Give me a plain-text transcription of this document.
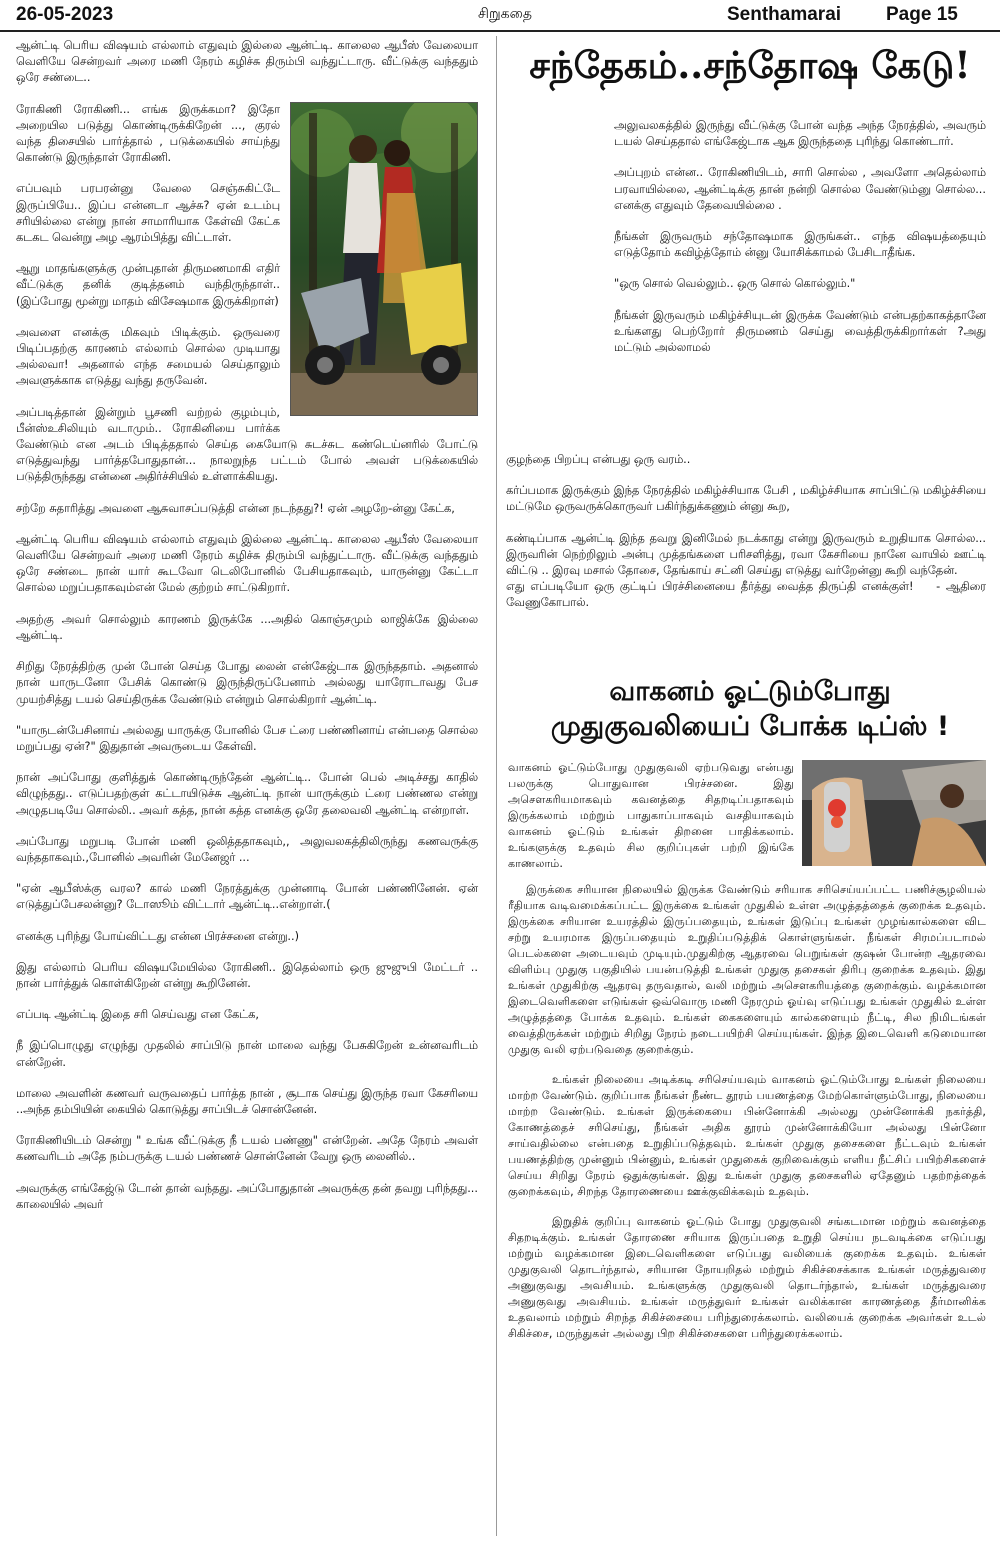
26-05-2023	சிறுகதை	Senthamarai Page 15

ஆன்ட்டி பெரிய விஷயம் எல்லாம் எதுவும் இல்லை ஆன்ட்டி. காலைல ஆபீஸ் வேலையா வெளியே சென்றவர் அரை மணி நேரம் கழிச்சு திரும்பி வந்துட்டாரு. வீட்டுக்கு வந்ததும் ஒரே சண்டை..

ரோகிணி ரோகிணி... எங்க இருக்கமா? இதோ அறையில படுத்து கொண்டிருக்கிறேன் ..., குரல் வந்த திசையில் பார்த்தால் , படுக்கையில் சாய்ந்து கொண்டு இருந்தாள் ரோகிணி.

எப்பவும் பரபரன்னு வேலை செஞ்சுகிட்டே இருப்பியே.. இப்ப என்னடா ஆச்சு? ஏன் உடம்பு சரியில்லை என்று நான் சாமாரியாக கேள்வி கேட்க கடகட வென்று அழ ஆரம்பித்து விட்டாள்.

ஆறு மாதங்களுக்கு முன்புதான் திருமணமாகி எதிர் வீட்டுக்கு தனிக் குடித்தனம் வந்திருந்தாள்.. (இப்போது மூன்று மாதம் விசேஷமாக இருக்கிறாள்)

அவளை எனக்கு மிகவும் பிடிக்கும். ஒருவரை பிடிப்பதற்கு காரணம் எல்லாம் சொல்ல முடியாது அல்லவா! அதனால் எந்த சமையல் செய்தாலும் அவளுக்காக எடுத்து வந்து தருவேன்.

அப்படித்தான் இன்றும் பூசணி வற்றல் குழம்பும், பீன்ஸ்உசிலியும் வடாமும்.. ரோகினியை பார்க்க வேண்டும் என அடம் பிடித்ததால் செய்த கையோடு சுடச்சுட கண்டெய்னரில் போட்டு எடுத்துவந்து பார்த்தபோதுதான்... நாலறுந்த பட்டம் போல் அவள் படுக்கையில் படுத்திருந்தது என்னை அதிர்ச்சியில் உள்ளாக்கியது.

சற்றே சுதாரித்து அவளை ஆசுவாசப்படுத்தி என்ன நடந்தது?! ஏன் அழறே-ன்னு கேட்க,

ஆன்ட்டி பெரிய விஷயம் எல்லாம் எதுவும் இல்லை ஆன்ட்டி. காலைல ஆபீஸ் வேலையா வெளியே சென்றவர் அரை மணி நேரம் கழிச்சு திரும்பி வந்துட்டாரு. வீட்டுக்கு வந்ததும் ஒரே சண்டை நான் யார் கூடவோ டெலிபோனில் பேசியதாகவும், யாருன்னு கேட்டா சொல்ல மறுப்பதாகவும்என் மேல் குற்றம் சாட்டுகிறார்.

அதற்கு அவர் சொல்லும் காரணம் இருக்கே ...அதில் கொஞ்சமும் லாஜிக்கே இல்லை ஆன்ட்டி.

சிறிது நேரத்திற்கு முன் போன் செய்த போது லைன் என்கேஜ்டாக இருந்ததாம். அதனால் நான் யாருடனோ பேசிக் கொண்டு இருந்திருப்பேனாம் அல்லது யாரோடாவது பேச முயற்சித்து டயல் செய்திருக்க வேண்டும் என்றும் சொல்கிறார் ஆன்ட்டி.

"யாருடன்பேசினாய் அல்லது யாருக்கு போனில் பேச ட்ரை பண்ணினாய் என்பதை சொல்ல மறுப்பது ஏன்?" இதுதான் அவருடைய கேள்வி.

நான் அப்போது குளித்துக் கொண்டிருந்தேன் ஆன்ட்டி.. போன் பெல் அடிச்சது காதில் விழுந்தது.. எடுப்பதற்குள் கட்டாயிடுச்சு ஆன்ட்டி நான் யாருக்கும் ட்ரை பண்ணல என்று அழுதபடியே சொல்லி.. அவர் கத்த, நான் கத்த எனக்கு ஒரே தலைவலி ஆன்ட்டி என்றாள்.

அப்போது மறுபடி போன் மணி ஒலித்ததாகவும்,, அலுவலகத்திலிருந்து கணவருக்கு வந்ததாகவும்.,போனில் அவரின் மேனேஜர் ...

"ஏன் ஆபீஸ்க்கு வரல? கால் மணி நேரத்துக்கு முன்னாடி போன் பண்ணினேன். ஏன் எடுத்துப்பேசலன்னு? டோஸூம் விட்டார் ஆன்ட்டி..என்றாள்.(

எனக்கு புரிந்து போய்விட்டது என்ன பிரச்சனை என்று..)

இது எல்லாம் பெரிய விஷயமேயில்ல ரோகிணி.. இதெல்லாம் ஒரு ஜுஜுபி மேட்டர் .. நான் பார்த்துக் கொள்கிறேன் என்று கூறினேன்.

எப்படி ஆன்ட்டி இதை சரி செய்வது என கேட்க,

நீ இப்பொழுது எழுந்து முதலில் சாப்பிடு நான் மாலை வந்து பேசுகிறேன் உன்னவரிடம் என்றேன்.

மாலை அவளின் கணவர் வருவதைப் பார்த்த நான் , சூடாக செய்து இருந்த ரவா கேசரியை ..அந்த தம்பியின் கையில் கொடுத்து சாப்பிடச் சொன்னேன்.

ரோகிணியிடம் சென்று " உங்க வீட்டுக்கு நீ டயல் பண்ணு" என்றேன். அதே நேரம் அவள் கணவரிடம் அதே நம்பருக்கு டயல் பண்ணச் சொன்னேன் வேறு ஒரு லைனில்..

அவருக்கு எங்கேஜ்டு டோன் தான் வந்தது. அப்போதுதான் அவருக்கு தன் தவறு புரிந்தது... காலையில் அவர்

சந்தேகம்..சந்தோஷ கேடு!

அலுவலகத்தில் இருந்து வீட்டுக்கு போன் வந்த அந்த நேரத்தில், அவரும் டயல் செய்ததால் எங்கேஜ்டாக ஆக இருந்ததை புரிந்து கொண்டார்.

அப்புறம் என்ன.. ரோகிணியிடம், சாரி சொல்ல , அவளோ அதெல்லாம் பரவாயில்லை, ஆன்ட்டிக்கு தான் நன்றி சொல்ல வேண்டும்னு சொல்ல... எனக்கு எதுவும் தேவையில்லை .

நீங்கள் இருவரும் சந்தோஷமாக இருங்கள்.. எந்த விஷயத்தையும் எடுத்தோம் கவிழ்த்தோம் ன்னு யோசிக்காமல் பேசிடாதீங்க.

"ஒரு சொல் வெல்லும்.. ஒரு சொல் கொல்லும்."

நீங்கள் இருவரும் மகிழ்ச்சியுடன் இருக்க வேண்டும் என்பதற்காகத்தானே உங்களது பெற்றோர் திருமணம் செய்து வைத்திருக்கிறார்கள் ?அது மட்டும் அல்லாமல்

குழந்தை பிறப்பு என்பது ஒரு வரம்..

கர்ப்பமாக இருக்கும் இந்த நேரத்தில் மகிழ்ச்சியாக பேசி , மகிழ்ச்சியாக சாப்பிட்டு மகிழ்ச்சியை மட்டுமே ஒருவருக்கொருவர் பகிர்ந்துக்கணும் ன்னு கூற,

கண்டிப்பாக ஆன்ட்டி இந்த தவறு இனிமேல் நடக்காது என்று இருவரும் உறுதியாக சொல்ல... இருவரின் நெற்றிலும் அன்பு முத்தங்களை பரிசளித்து, ரவா கேசரியை நானே வாயில் ஊட்டி விட்டு .. இரவு மசால் தோசை, தேங்காய் சட்னி செய்து எடுத்து வர்றேன்னு கூறி வந்தேன்.

எது எப்படியோ ஒரு குட்டிப் பிரச்சினையை தீர்த்து வைத்த திருப்தி எனக்குள்! - ஆதிரை வேணுகோபால்.

வாகனம் ஓட்டும்போது
முதுகுவலியைப் போக்க டிப்ஸ் !

வாகனம் ஓட்டும்போது முதுகுவலி ஏற்படுவது என்பது பலருக்கு பொதுவான பிரச்சனை. இது அசௌகரியமாகவும் கவனத்தை சிதறடிப்பதாகவும் இருக்கலாம் மற்றும் பாதுகாப்பாகவும் வசதியாகவும் வாகனம் ஓட்டும் உங்கள் திறனை பாதிக்கலாம். உங்களுக்கு உதவும் சில குறிப்புகள் பற்றி இங்கே காணலாம்.

இருக்கை சரியான நிலையில் இருக்க வேண்டும் சரியாக சரிசெய்யப்பட்ட பணிச்சூழலியல் ரீதியாக வடிவமைக்கப்பட்ட இருக்கை உங்கள் முதுகில் உள்ள அழுத்தத்தைக் குறைக்க உதவும். இருக்கை சரியான உயரத்தில் இருப்பதையும், உங்கள் இடுப்பு உங்கள் முழங்கால்களை விட சற்று உயரமாக இருப்பதையும் உறுதிப்படுத்திக் கொள்ளுங்கள். நீங்கள் சிரமப்படாமல் பெடல்களை அடையவும் முடியும்.முதுகிற்கு ஆதரவை பெறுங்கள் குஷன் போன்ற ஆதரவை விளிம்பு முதுகு பகுதியில் பயன்படுத்தி உங்கள் முதுகு தசைகள் திரிபு குறைக்க உதவும். இது உங்கள் முதுகிற்கு ஆதரவு தருவதால், வலி மற்றும் அசௌகரியத்தை குறைக்கும். வழக்கமான இடைவெளிகளை எடுங்கள் ஒவ்வொரு மணி நேரமும் ஓய்வு எடுப்பது உங்கள் முதுகில் உள்ள அழுத்தத்தை போக்க உதவும். உங்கள் கைகளையும் கால்களையும் நீட்டி, சில நிமிடங்கள் வைத்திருக்கள் மற்றும் சிறிது நேரம் நடைபயிற்சி செய்யுங்கள். இந்த இடைவெளி கடுமையான முதுகு வலி ஏற்படுவதை குறைக்கும்.

உங்கள் நிலையை அடிக்கடி சரிசெய்யவும் வாகனம் ஓட்டும்போது உங்கள் நிலையை மாற்ற வேண்டும். குறிப்பாக நீங்கள் நீண்ட தூரம் பயணத்தை மேற்கொள்ளும்போது, நிலையை மாற்ற வேண்டும். உங்கள் இருக்கையை பின்னோக்கி அல்லது முன்னோக்கி நகர்த்தி, கோணத்தைச் சரிசெய்து, நீங்கள் அதிக தூரம் முன்னோக்கியோ அல்லது பின்னோ சாய்வதில்லை என்பதை உறுதிப்படுத்தவும். உங்கள் முதுகு தசைகளை நீட்டவும் உங்கள் பயணத்திற்கு முன்னும் பின்னும், உங்கள் முதுகைக் குறிவைக்கும் எளிய நீட்சிப் பயிற்சிகளைச் செய்ய சிறிது நேரம் ஒதுக்குங்கள். இது உங்கள் முதுகு தசைகளில் ஏதேனும் பதற்றத்தைக் குறைக்கவும், சிறந்த தோரணையை ஊக்குவிக்கவும் உதவும்.

இறுதிக் குறிப்பு வாகனம் ஓட்டும் போது முதுகுவலி சங்கடமான மற்றும் கவனத்தை சிதறடிக்கும். உங்கள் தோரணை சரியாக இருப்பதை உறுதி செய்ய நடவடிக்கை எடுப்பது மற்றும் வழக்கமான இடைவெளிகளை எடுப்பது வலியைக் குறைக்க உதவும். உங்கள் முதுகுவலி தொடர்ந்தால், சரியான நோயறிதல் மற்றும் சிகிச்சைக்காக உங்கள் மருத்துவரை அணுகுவது அவசியம். உங்களுக்கு முதுகுவலி தொடர்ந்தால், உங்கள் மருத்துவரை அணுகுவது அவசியம். உங்கள் மருத்துவர் உங்கள் வலிக்கான காரணத்தை தீர்மானிக்க உதவலாம் மற்றும் சிறந்த சிகிச்சையை பரிந்துரைக்கலாம். வலியைக் குறைக்க அவர்கள் உடல் சிகிச்சை, மருந்துகள் அல்லது பிற சிகிச்சைகளை பரிந்துரைக்கலாம்.
